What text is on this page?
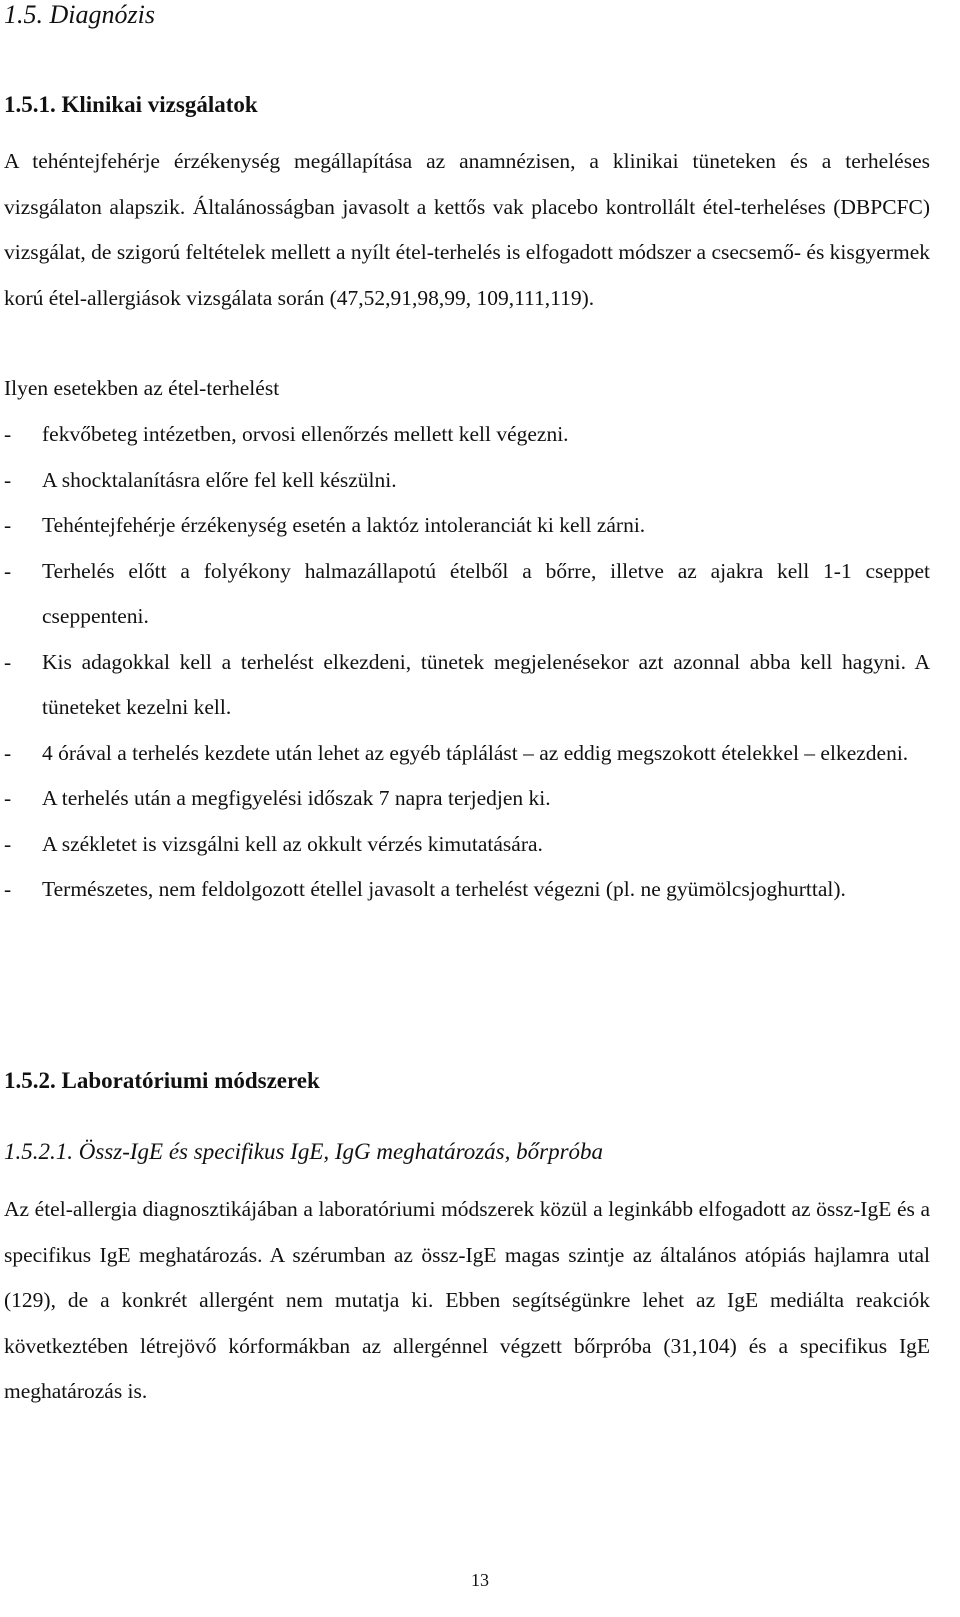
1.5. Diagnózis
1.5.1. Klinikai vizsgálatok

A tehéntejfehérje érzékenység megállapítása az anamnézisen, a klinikai tüneteken és a terheléses vizsgálaton alapszik. Általánosságban javasolt a kettős vak placebo kontrollált étel-terheléses (DBPCFC) vizsgálat, de szigorú feltételek mellett a nyílt étel-terhelés is elfogadott módszer a csecsemő- és kisgyermek korú étel-allergiások vizsgálata során (47,52,91,98,99, 109,111,119).

Ilyen esetekben az étel-terhelést

- fekvőbeteg intézetben, orvosi ellenőrzés mellett kell végezni.
- A shocktalanításra előre fel kell készülni.
- Tehéntejfehérje érzékenység esetén a laktóz intoleranciát ki kell zárni.
- Terhelés előtt a folyékony halmazállapotú ételből a bőrre, illetve az ajakra kell 1-1 cseppet cseppenteni.
- Kis adagokkal kell a terhelést elkezdeni, tünetek megjelenésekor azt azonnal abba kell hagyni. A tüneteket kezelni kell.
- 4 órával a terhelés kezdete után lehet az egyéb táplálást – az eddig megszokott ételekkel – elkezdeni.
- A terhelés után a megfigyelési időszak 7 napra terjedjen ki.
- A székletet is vizsgálni kell az okkult vérzés kimutatására.
- Természetes, nem feldolgozott étellel javasolt a terhelést végezni (pl. ne gyümölcsjoghurttal).
1.5.2. Laboratóriumi módszerek
1.5.2.1. Össz-IgE és specifikus IgE, IgG meghatározás, bőrpróba

Az étel-allergia diagnosztikájában a laboratóriumi módszerek közül a leginkább elfogadott az össz-IgE és a specifikus IgE meghatározás. A szérumban az össz-IgE magas szintje az általános atópiás hajlamra utal (129), de a konkrét allergént nem mutatja ki. Ebben segítségünkre lehet az IgE mediálta reakciók következtében létrejövő kórformákban az allergénnel végzett bőrpróba (31,104) és a specifikus IgE meghatározás is.

13
